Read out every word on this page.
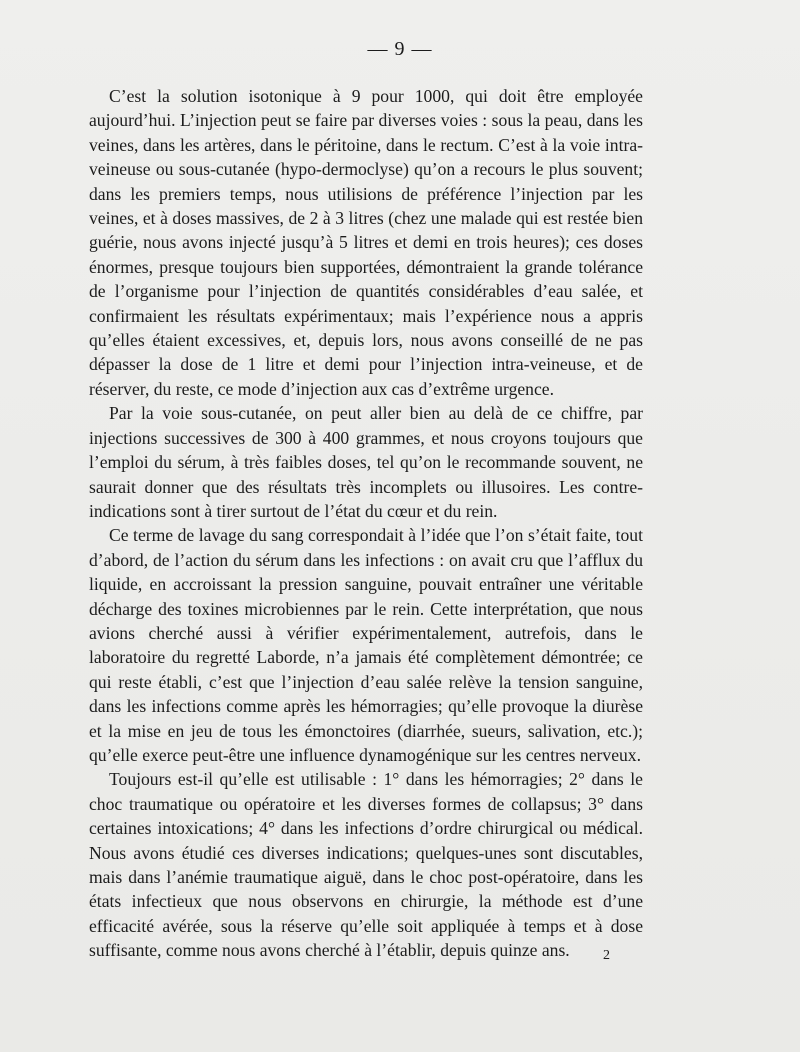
— 9 —

C’est la solution isotonique à 9 pour 1000, qui doit être employée aujourd’hui. L’injection peut se faire par diverses voies : sous la peau, dans les veines, dans les artères, dans le péritoine, dans le rectum. C’est à la voie intra-veineuse ou sous-cutanée (hypo-dermoclyse) qu’on a recours le plus souvent; dans les premiers temps, nous utilisions de préférence l’injection par les veines, et à doses massives, de 2 à 3 litres (chez une malade qui est restée bien guérie, nous avons injecté jusqu’à 5 litres et demi en trois heures); ces doses énormes, presque toujours bien supportées, démontraient la grande tolérance de l’organisme pour l’injection de quantités considérables d’eau salée, et confirmaient les résultats expérimentaux; mais l’expérience nous a appris qu’elles étaient excessives, et, depuis lors, nous avons conseillé de ne pas dépasser la dose de 1 litre et demi pour l’injection intra-veineuse, et de réserver, du reste, ce mode d’injection aux cas d’extrême urgence.

Par la voie sous-cutanée, on peut aller bien au delà de ce chiffre, par injections successives de 300 à 400 grammes, et nous croyons toujours que l’emploi du sérum, à très faibles doses, tel qu’on le recommande souvent, ne saurait donner que des résultats très incomplets ou illusoires. Les contre-indications sont à tirer surtout de l’état du cœur et du rein.

Ce terme de lavage du sang correspondait à l’idée que l’on s’était faite, tout d’abord, de l’action du sérum dans les infections : on avait cru que l’afflux du liquide, en accroissant la pression sanguine, pouvait entraîner une véritable décharge des toxines microbiennes par le rein. Cette interprétation, que nous avions cherché aussi à vérifier expérimentalement, autrefois, dans le laboratoire du regretté Laborde, n’a jamais été complètement démontrée; ce qui reste établi, c’est que l’injection d’eau salée relève la tension sanguine, dans les infections comme après les hémorragies; qu’elle provoque la diurèse et la mise en jeu de tous les émonctoires (diarrhée, sueurs, salivation, etc.); qu’elle exerce peut-être une influence dynamogénique sur les centres nerveux.

Toujours est-il qu’elle est utilisable : 1° dans les hémorragies; 2° dans le choc traumatique ou opératoire et les diverses formes de collapsus; 3° dans certaines intoxications; 4° dans les infections d’ordre chirurgical ou médical. Nous avons étudié ces diverses indications; quelques-unes sont discutables, mais dans l’anémie traumatique aiguë, dans le choc post-opératoire, dans les états infectieux que nous observons en chirurgie, la méthode est d’une efficacité avérée, sous la réserve qu’elle soit appliquée à temps et à dose suffisante, comme nous avons cherché à l’établir, depuis quinze ans.	2
